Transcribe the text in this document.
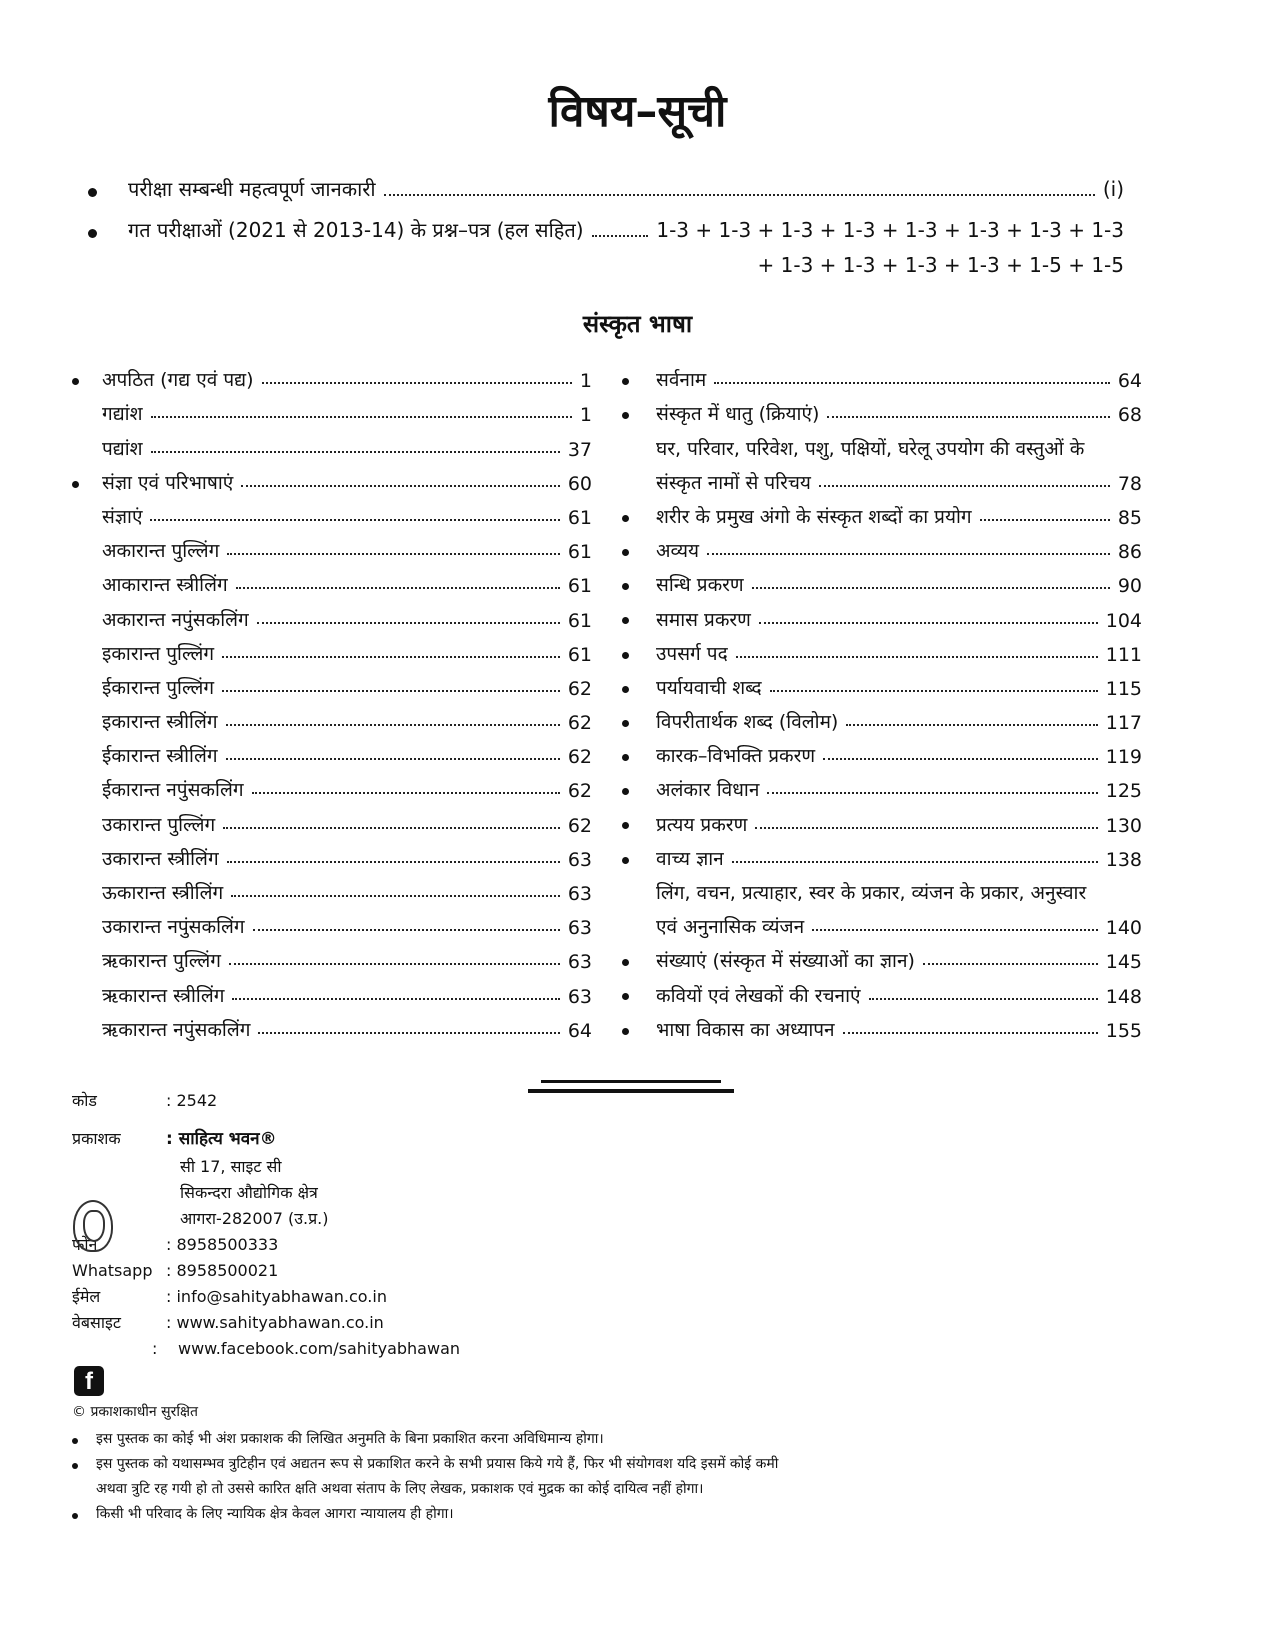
विषय–सूची
परीक्षा सम्बन्धी महत्वपूर्ण जानकारी	(i)
गत परीक्षाओं (2021 से 2013-14) के प्रश्न–पत्र (हल सहित)	1-3 + 1-3 + 1-3 + 1-3 + 1-3 + 1-3 + 1-3 + 1-3
+ 1-3 + 1-3 + 1-3 + 1-3 + 1-5 + 1-5
संस्कृत भाषा
अपठित (गद्य एवं पद्य)	1
गद्यांश	1
पद्यांश	37
संज्ञा एवं परिभाषाएं	60
संज्ञाएं	61
अकारान्त पुल्लिंग	61
आकारान्त स्त्रीलिंग	61
अकारान्त नपुंसकलिंग	61
इकारान्त पुल्लिंग	61
ईकारान्त पुल्लिंग	62
इकारान्त स्त्रीलिंग	62
ईकारान्त स्त्रीलिंग	62
ईकारान्त नपुंसकलिंग	62
उकारान्त पुल्लिंग	62
उकारान्त स्त्रीलिंग	63
ऊकारान्त स्त्रीलिंग	63
उकारान्त नपुंसकलिंग	63
ऋकारान्त पुल्लिंग	63
ऋकारान्त स्त्रीलिंग	63
ऋकारान्त नपुंसकलिंग	64
सर्वनाम	64
संस्कृत में धातु (क्रियाएं)	68
घर, परिवार, परिवेश, पशु, पक्षियों, घरेलू उपयोग की वस्तुओं के
संस्कृत नामों से परिचय	78
शरीर के प्रमुख अंगो के संस्कृत शब्दों का प्रयोग	85
अव्यय	86
सन्धि प्रकरण	90
समास प्रकरण	104
उपसर्ग पद	111
पर्यायवाची शब्द	115
विपरीतार्थक शब्द (विलोम)	117
कारक–विभक्ति प्रकरण	119
अलंकार विधान	125
प्रत्यय प्रकरण	130
वाच्य ज्ञान	138
लिंग, वचन, प्रत्याहार, स्वर के प्रकार, व्यंजन के प्रकार, अनुस्वार
एवं अनुनासिक व्यंजन	140
संख्याएं (संस्कृत में संख्याओं का ज्ञान)	145
कवियों एवं लेखकों की रचनाएं	148
भाषा विकास का अध्यापन	155
कोड	: 2542
प्रकाशक	: साहित्य भवन®
सी 17, साइट सी
सिकन्दरा औद्योगिक क्षेत्र
आगरा-282007 (उ.प्र.)
फोन	: 8958500333
Whatsapp : 8958500021
ईमेल	: info@sahityabhawan.co.in
वेबसाइट	: www.sahityabhawan.co.in
: www.facebook.com/sahityabhawan
f
© प्रकाशकाधीन सुरक्षित
इस पुस्तक का कोई भी अंश प्रकाशक की लिखित अनुमति के बिना प्रकाशित करना अविधिमान्य होगा।
इस पुस्तक को यथासम्भव त्रुटिहीन एवं अद्यतन रूप से प्रकाशित करने के सभी प्रयास किये गये हैं, फिर भी संयोगवश यदि इसमें कोई कमी
अथवा त्रुटि रह गयी हो तो उससे कारित क्षति अथवा संताप के लिए लेखक, प्रकाशक एवं मुद्रक का कोई दायित्व नहीं होगा।
किसी भी परिवाद के लिए न्यायिक क्षेत्र केवल आगरा न्यायालय ही होगा।
